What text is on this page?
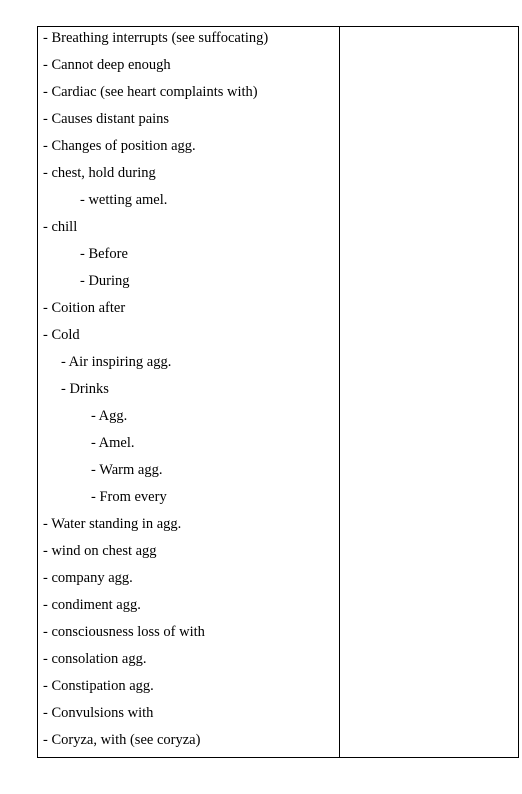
- Breathing interrupts (see suffocating)
- Cannot deep enough
- Cardiac (see heart complaints with)
- Causes distant pains
- Changes of position agg.
- chest, hold during
- wetting amel.
- chill
- Before
- During
- Coition after
- Cold
- Air inspiring agg.
- Drinks
- Agg.
- Amel.
- Warm agg.
- From every
- Water standing in agg.
- wind on chest agg
- company agg.
- condiment agg.
- consciousness loss of with
- consolation agg.
- Constipation agg.
- Convulsions with
- Coryza, with (see coryza)
